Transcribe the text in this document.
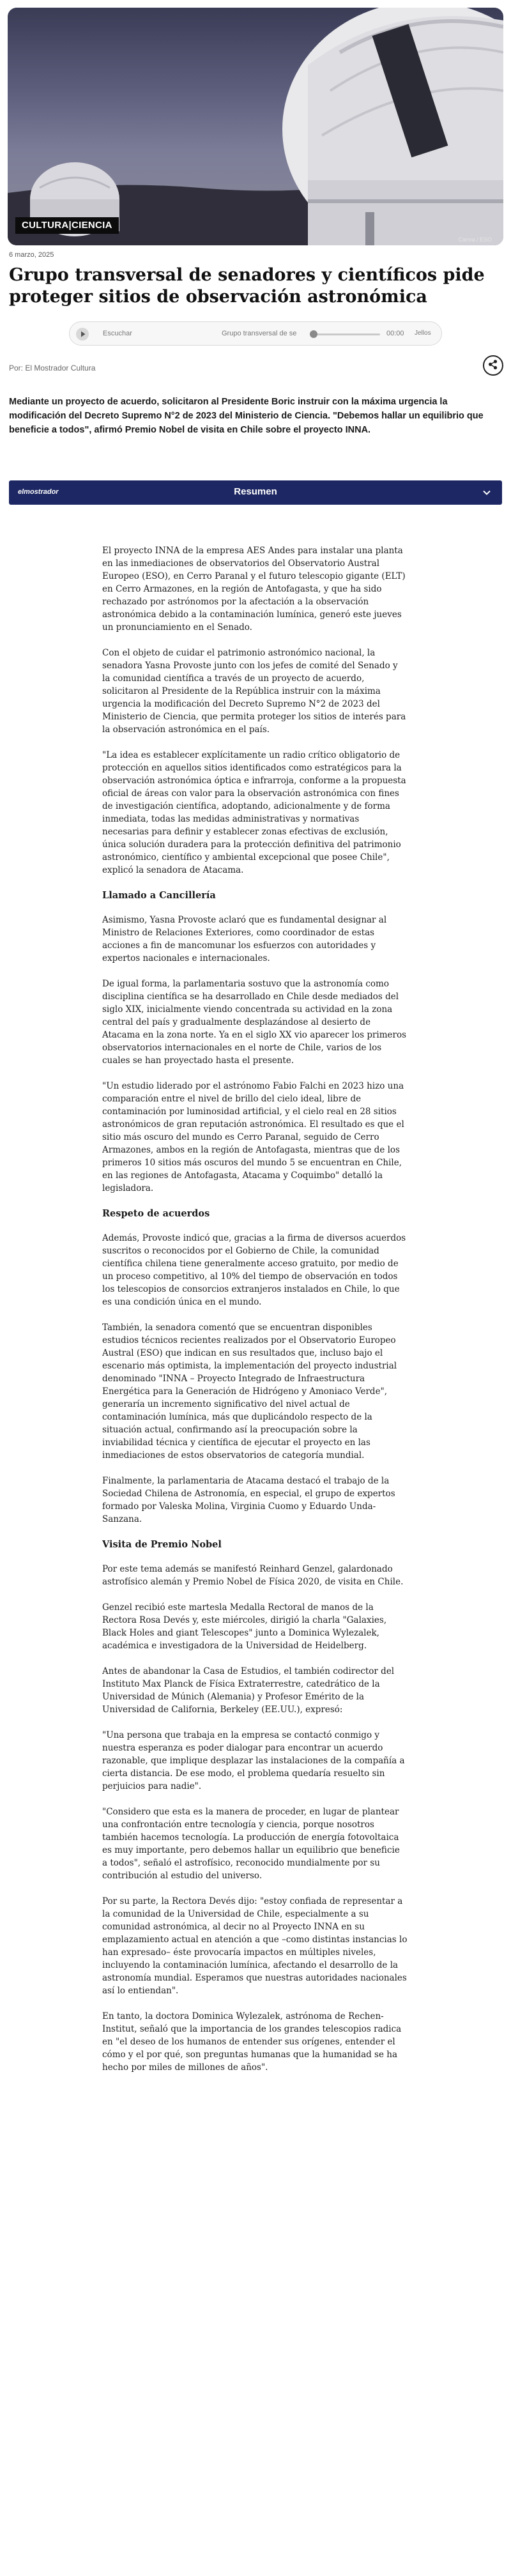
CULTURA|CIENCIA
Canva / ESO
6 marzo, 2025
Grupo transversal de senadores y científicos pide proteger sitios de observación astronómica
Escuchar	Grupo transversal de se	00:00 Jellos
Por: El Mostrador Cultura

Mediante un proyecto de acuerdo, solicitaron al Presidente Boric instruir con la máxima urgencia la modificación del Decreto Supremo N°2 de 2023 del Ministerio de Ciencia. "Debemos hallar un equilibrio que beneficie a todos", afirmó Premio Nobel de visita en Chile sobre el proyecto INNA.

elmostrador	Resumen

El proyecto INNA de la empresa AES Andes para instalar una planta en las inmediaciones de observatorios del Observatorio Austral Europeo (ESO), en Cerro Paranal y el futuro telescopio gigante (ELT) en Cerro Armazones, en la región de Antofagasta, y que ha sido rechazado por astrónomos por la afectación a la observación astronómica debido a la contaminación lumínica, generó este jueves un pronunciamiento en el Senado.

Con el objeto de cuidar el patrimonio astronómico nacional, la senadora Yasna Provoste junto con los jefes de comité del Senado y la comunidad científica a través de un proyecto de acuerdo, solicitaron al Presidente de la República instruir con la máxima urgencia la modificación del Decreto Supremo N°2 de 2023 del Ministerio de Ciencia, que permita proteger los sitios de interés para la observación astronómica en el país.

"La idea es establecer explícitamente un radio crítico obligatorio de protección en aquellos sitios identificados como estratégicos para la observación astronómica óptica e infrarroja, conforme a la propuesta oficial de áreas con valor para la observación astronómica con fines de investigación científica, adoptando, adicionalmente y de forma inmediata, todas las medidas administrativas y normativas necesarias para definir y establecer zonas efectivas de exclusión, única solución duradera para la protección definitiva del patrimonio astronómico, científico y ambiental excepcional que posee Chile", explicó la senadora de Atacama.

Llamado a Cancillería

Asimismo, Yasna Provoste aclaró que es fundamental designar al Ministro de Relaciones Exteriores, como coordinador de estas acciones a fin de mancomunar los esfuerzos con autoridades y expertos nacionales e internacionales.

De igual forma, la parlamentaria sostuvo que la astronomía como disciplina científica se ha desarrollado en Chile desde mediados del siglo XIX, inicialmente viendo concentrada su actividad en la zona central del país y gradualmente desplazándose al desierto de Atacama en la zona norte. Ya en el siglo XX vio aparecer los primeros observatorios internacionales en el norte de Chile, varios de los cuales se han proyectado hasta el presente.

"Un estudio liderado por el astrónomo Fabio Falchi en 2023 hizo una comparación entre el nivel de brillo del cielo ideal, libre de contaminación por luminosidad artificial, y el cielo real en 28 sitios astronómicos de gran reputación astronómica. El resultado es que el sitio más oscuro del mundo es Cerro Paranal, seguido de Cerro Armazones, ambos en la región de Antofagasta, mientras que de los primeros 10 sitios más oscuros del mundo 5 se encuentran en Chile, en las regiones de Antofagasta, Atacama y Coquimbo" detalló la legisladora.

Respeto de acuerdos

Además, Provoste indicó que, gracias a la firma de diversos acuerdos suscritos o reconocidos por el Gobierno de Chile, la comunidad científica chilena tiene generalmente acceso gratuito, por medio de un proceso competitivo, al 10% del tiempo de observación en todos los telescopios de consorcios extranjeros instalados en Chile, lo que es una condición única en el mundo.

También, la senadora comentó que se encuentran disponibles estudios técnicos recientes realizados por el Observatorio Europeo Austral (ESO) que indican en sus resultados que, incluso bajo el escenario más optimista, la implementación del proyecto industrial denominado "INNA – Proyecto Integrado de Infraestructura Energética para la Generación de Hidrógeno y Amoniaco Verde", generaría un incremento significativo del nivel actual de contaminación lumínica, más que duplicándolo respecto de la situación actual, confirmando así la preocupación sobre la inviabilidad técnica y científica de ejecutar el proyecto en las inmediaciones de estos observatorios de categoría mundial.

Finalmente, la parlamentaria de Atacama destacó el trabajo de la Sociedad Chilena de Astronomía, en especial, el grupo de expertos formado por Valeska Molina, Virginia Cuomo y Eduardo Unda-Sanzana.

Visita de Premio Nobel

Por este tema además se manifestó Reinhard Genzel, galardonado astrofísico alemán y Premio Nobel de Física 2020, de visita en Chile.

Genzel recibió este martesla Medalla Rectoral de manos de la Rectora Rosa Devés y, este miércoles, dirigió la charla "Galaxies, Black Holes and giant Telescopes" junto a Dominica Wylezalek, académica e investigadora de la Universidad de Heidelberg.

Antes de abandonar la Casa de Estudios, el también codirector del Instituto Max Planck de Física Extraterrestre, catedrático de la Universidad de Múnich (Alemania) y Profesor Emérito de la Universidad de California, Berkeley (EE.UU.), expresó:

"Una persona que trabaja en la empresa se contactó conmigo y nuestra esperanza es poder dialogar para encontrar un acuerdo razonable, que implique desplazar las instalaciones de la compañía a cierta distancia. De ese modo, el problema quedaría resuelto sin perjuicios para nadie".

"Considero que esta es la manera de proceder, en lugar de plantear una confrontación entre tecnología y ciencia, porque nosotros también hacemos tecnología. La producción de energía fotovoltaica es muy importante, pero debemos hallar un equilibrio que beneficie a todos", señaló el astrofísico, reconocido mundialmente por su contribución al estudio del universo.

Por su parte, la Rectora Devés dijo: "estoy confiada de representar a la comunidad de la Universidad de Chile, especialmente a su comunidad astronómica, al decir no al Proyecto INNA en su emplazamiento actual en atención a que –como distintas instancias lo han expresado– éste provocaría impactos en múltiples niveles, incluyendo la contaminación lumínica, afectando el desarrollo de la astronomía mundial. Esperamos que nuestras autoridades nacionales así lo entiendan".

En tanto, la doctora Dominica Wylezalek, astrónoma de Rechen-Institut, señaló que la importancia de los grandes telescopios radica en "el deseo de los humanos de entender sus orígenes, entender el cómo y el por qué, son preguntas humanas que la humanidad se ha hecho por miles de millones de años".
